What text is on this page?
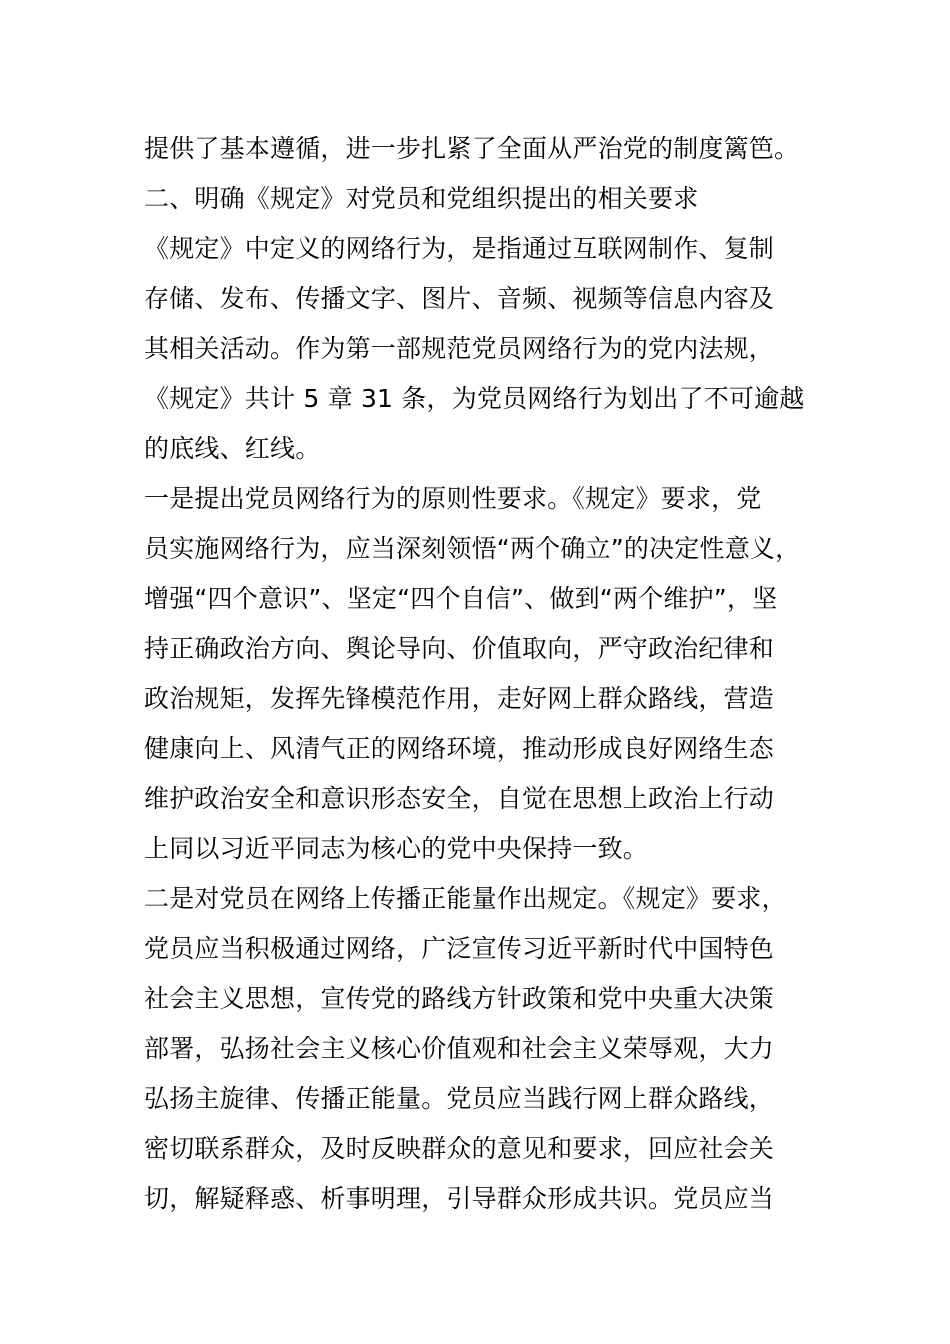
提供了基本遵循，进一步扎紧了全面从严治党的制度篱笆。
二、明确《规定》对党员和党组织提出的相关要求
《规定》中定义的网络行为，是指通过互联网制作、复制
存储、发布、传播文字、图片、音频、视频等信息内容及
其相关活动。作为第一部规范党员网络行为的党内法规，
《规定》共计 5 章 31 条，为党员网络行为划出了不可逾越
的底线、红线。
一是提出党员网络行为的原则性要求。《规定》要求，党
员实施网络行为，应当深刻领悟“两个确立”的决定性意义，
增强“四个意识”、坚定“四个自信”、做到“两个维护”，坚
持正确政治方向、舆论导向、价值取向，严守政治纪律和
政治规矩，发挥先锋模范作用，走好网上群众路线，营造
健康向上、风清气正的网络环境，推动形成良好网络生态
维护政治安全和意识形态安全，自觉在思想上政治上行动
上同以习近平同志为核心的党中央保持一致。
二是对党员在网络上传播正能量作出规定。《规定》要求，
党员应当积极通过网络，广泛宣传习近平新时代中国特色
社会主义思想，宣传党的路线方针政策和党中央重大决策
部署，弘扬社会主义核心价值观和社会主义荣辱观，大力
弘扬主旋律、传播正能量。党员应当践行网上群众路线，
密切联系群众，及时反映群众的意见和要求，回应社会关
切，解疑释惑、析事明理，引导群众形成共识。党员应当
